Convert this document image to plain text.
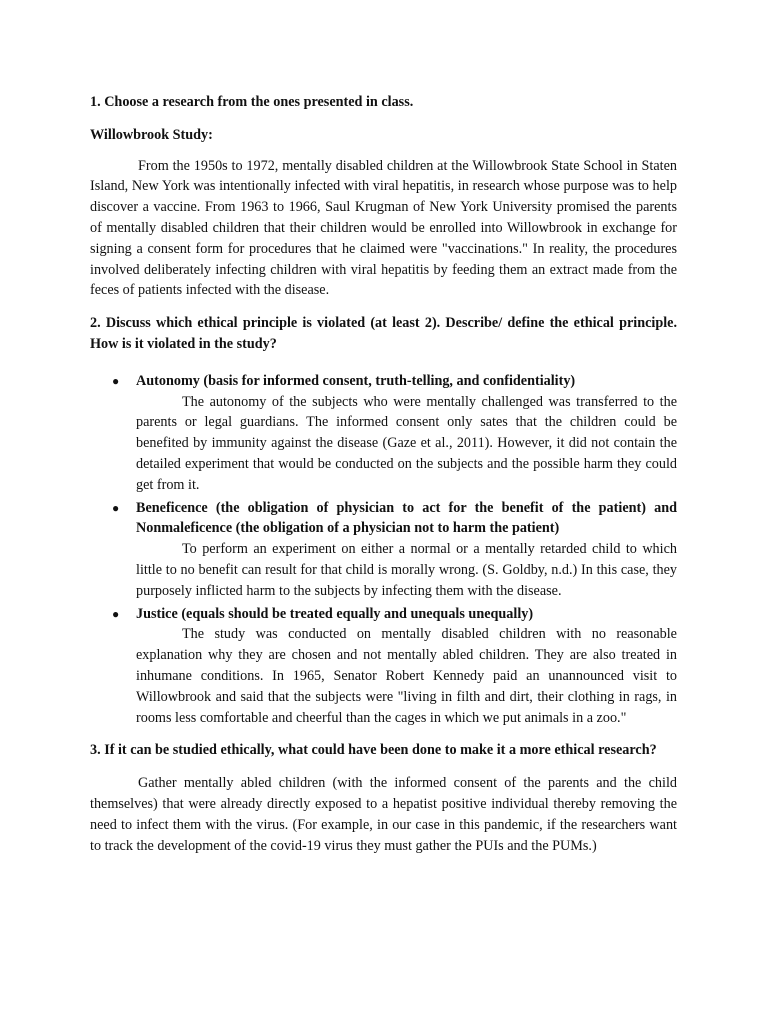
1. Choose a research from the ones presented in class.

Willowbrook Study:

From the 1950s to 1972, mentally disabled children at the Willowbrook State School in Staten Island, New York was intentionally infected with viral hepatitis, in research whose purpose was to help discover a vaccine. From 1963 to 1966, Saul Krugman of New York University promised the parents of mentally disabled children that their children would be enrolled into Willowbrook in exchange for signing a consent form for procedures that he claimed were "vaccinations." In reality, the procedures involved deliberately infecting children with viral hepatitis by feeding them an extract made from the feces of patients infected with the disease.

2. Discuss which ethical principle is violated (at least 2). Describe/ define the ethical principle. How is it violated in the study?

● Autonomy (basis for informed consent, truth-telling, and confidentiality)
The autonomy of the subjects who were mentally challenged was transferred to the parents or legal guardians. The informed consent only sates that the children could be benefited by immunity against the disease (Gaze et al., 2011). However, it did not contain the detailed experiment that would be conducted on the subjects and the possible harm they could get from it.
● Beneficence (the obligation of physician to act for the benefit of the patient) and Nonmaleficence (the obligation of a physician not to harm the patient)
To perform an experiment on either a normal or a mentally retarded child to which little to no benefit can result for that child is morally wrong. (S. Goldby, n.d.) In this case, they purposely inflicted harm to the subjects by infecting them with the disease.
● Justice (equals should be treated equally and unequals unequally)
The study was conducted on mentally disabled children with no reasonable explanation why they are chosen and not mentally abled children. They are also treated in inhumane conditions. In 1965, Senator Robert Kennedy paid an unannounced visit to Willowbrook and said that the subjects were "living in filth and dirt, their clothing in rags, in rooms less comfortable and cheerful than the cages in which we put animals in a zoo."

3. If it can be studied ethically, what could have been done to make it a more ethical research?

Gather mentally abled children (with the informed consent of the parents and the child themselves) that were already directly exposed to a hepatist positive individual thereby removing the need to infect them with the virus. (For example, in our case in this pandemic, if the researchers want to track the development of the covid-19 virus they must gather the PUIs and the PUMs.)
